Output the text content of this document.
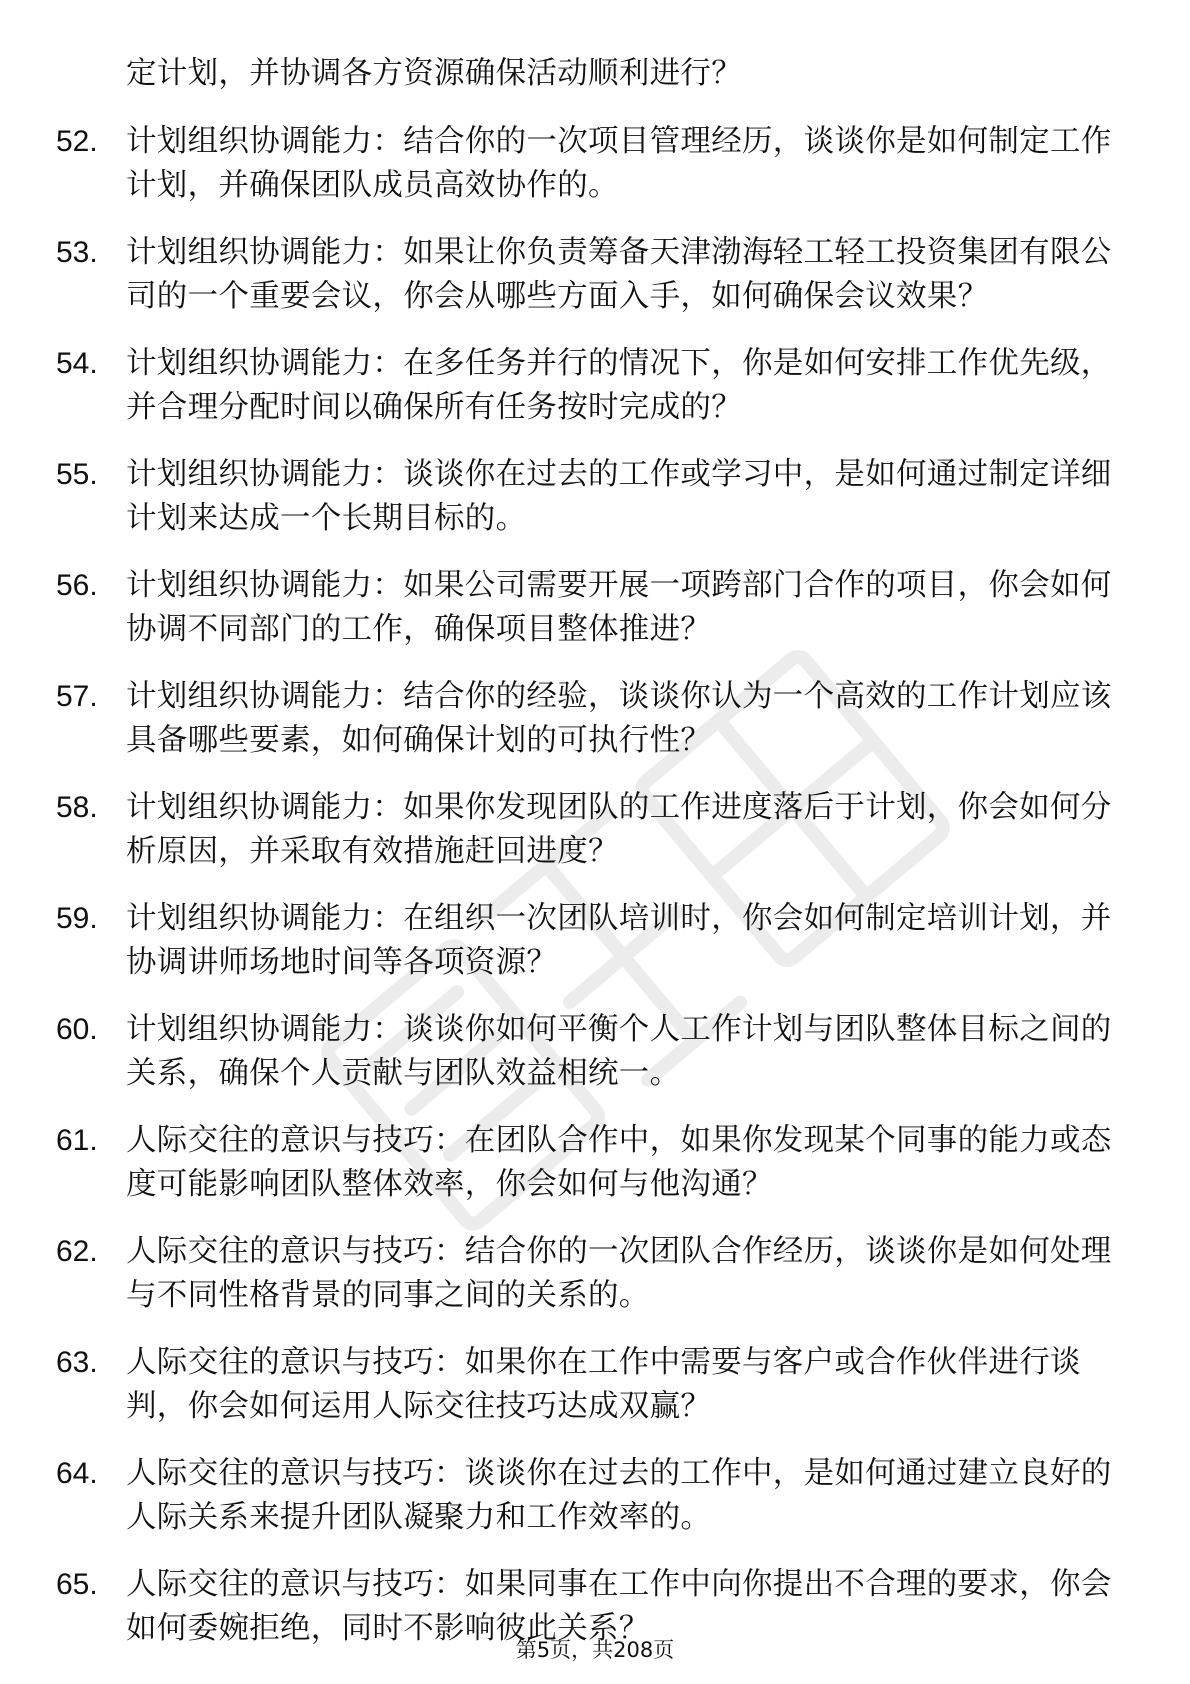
定计划，并协调各方资源确保活动顺利进行？
52. 计划组织协调能力：结合你的一次项目管理经历，谈谈你是如何制定工作计划，并确保团队成员高效协作的。
53. 计划组织协调能力：如果让你负责筹备天津渤海轻工轻工投资集团有限公司的一个重要会议，你会从哪些方面入手，如何确保会议效果？
54. 计划组织协调能力：在多任务并行的情况下，你是如何安排工作优先级，并合理分配时间以确保所有任务按时完成的？
55. 计划组织协调能力：谈谈你在过去的工作或学习中，是如何通过制定详细计划来达成一个长期目标的。
56. 计划组织协调能力：如果公司需要开展一项跨部门合作的项目，你会如何协调不同部门的工作，确保项目整体推进？
57. 计划组织协调能力：结合你的经验，谈谈你认为一个高效的工作计划应该具备哪些要素，如何确保计划的可执行性？
58. 计划组织协调能力：如果你发现团队的工作进度落后于计划，你会如何分析原因，并采取有效措施赶回进度？
59. 计划组织协调能力：在组织一次团队培训时，你会如何制定培训计划，并协调讲师场地时间等各项资源？
60. 计划组织协调能力：谈谈你如何平衡个人工作计划与团队整体目标之间的关系，确保个人贡献与团队效益相统一。
61. 人际交往的意识与技巧：在团队合作中，如果你发现某个同事的能力或态度可能影响团队整体效率，你会如何与他沟通？
62. 人际交往的意识与技巧：结合你的一次团队合作经历，谈谈你是如何处理与不同性格背景的同事之间的关系的。
63. 人际交往的意识与技巧：如果你在工作中需要与客户或合作伙伴进行谈判，你会如何运用人际交往技巧达成双赢？
64. 人际交往的意识与技巧：谈谈你在过去的工作中，是如何通过建立良好的人际关系来提升团队凝聚力和工作效率的。
65. 人际交往的意识与技巧：如果同事在工作中向你提出不合理的要求，你会如何委婉拒绝，同时不影响彼此关系？
第5页，共208页
